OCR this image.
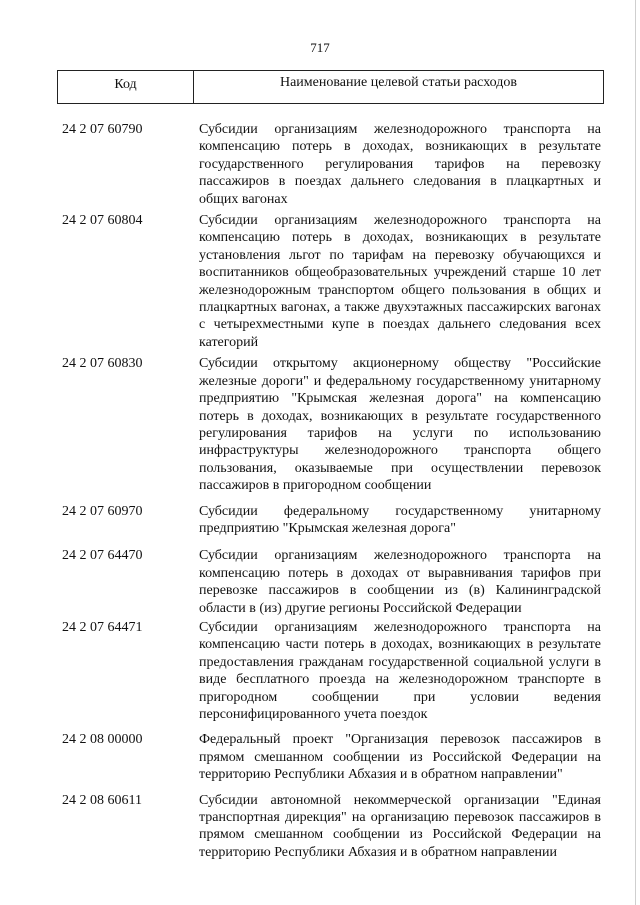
717
Код	Наименование целевой статьи расходов
24 2 07 60790	Субсидии организациям железнодорожного транспорта на компенсацию потерь в доходах, возникающих в результате государственного регулирования тарифов на перевозку пассажиров в поездах дальнего следования в плацкартных и общих вагонах
24 2 07 60804	Субсидии организациям железнодорожного транспорта на компенсацию потерь в доходах, возникающих в результате установления льгот по тарифам на перевозку обучающихся и воспитанников общеобразовательных учреждений старше 10 лет железнодорожным транспортом общего пользования в общих и плацкартных вагонах, а также двухэтажных пассажирских вагонах с четырехместными купе в поездах дальнего следования всех категорий
24 2 07 60830	Субсидии открытому акционерному обществу "Российские железные дороги" и федеральному государственному унитарному предприятию "Крымская железная дорога" на компенсацию потерь в доходах, возникающих в результате государственного регулирования тарифов на услуги по использованию инфраструктуры железнодорожного транспорта общего пользования, оказываемые при осуществлении перевозок пассажиров в пригородном сообщении
24 2 07 60970	Субсидии федеральному государственному унитарному предприятию "Крымская железная дорога"
24 2 07 64470	Субсидии организациям железнодорожного транспорта на компенсацию потерь в доходах от выравнивания тарифов при перевозке пассажиров в сообщении из (в) Калининградской области в (из) другие регионы Российской Федерации
24 2 07 64471	Субсидии организациям железнодорожного транспорта на компенсацию части потерь в доходах, возникающих в результате предоставления гражданам государственной социальной услуги в виде бесплатного проезда на железнодорожном транспорте в пригородном сообщении при условии ведения персонифицированного учета поездок
24 2 08 00000	Федеральный проект "Организация перевозок пассажиров в прямом смешанном сообщении из Российской Федерации на территорию Республики Абхазия и в обратном направлении"
24 2 08 60611	Субсидии автономной некоммерческой организации "Единая транспортная дирекция" на организацию перевозок пассажиров в прямом смешанном сообщении из Российской Федерации на территорию Республики Абхазия и в обратном направлении
